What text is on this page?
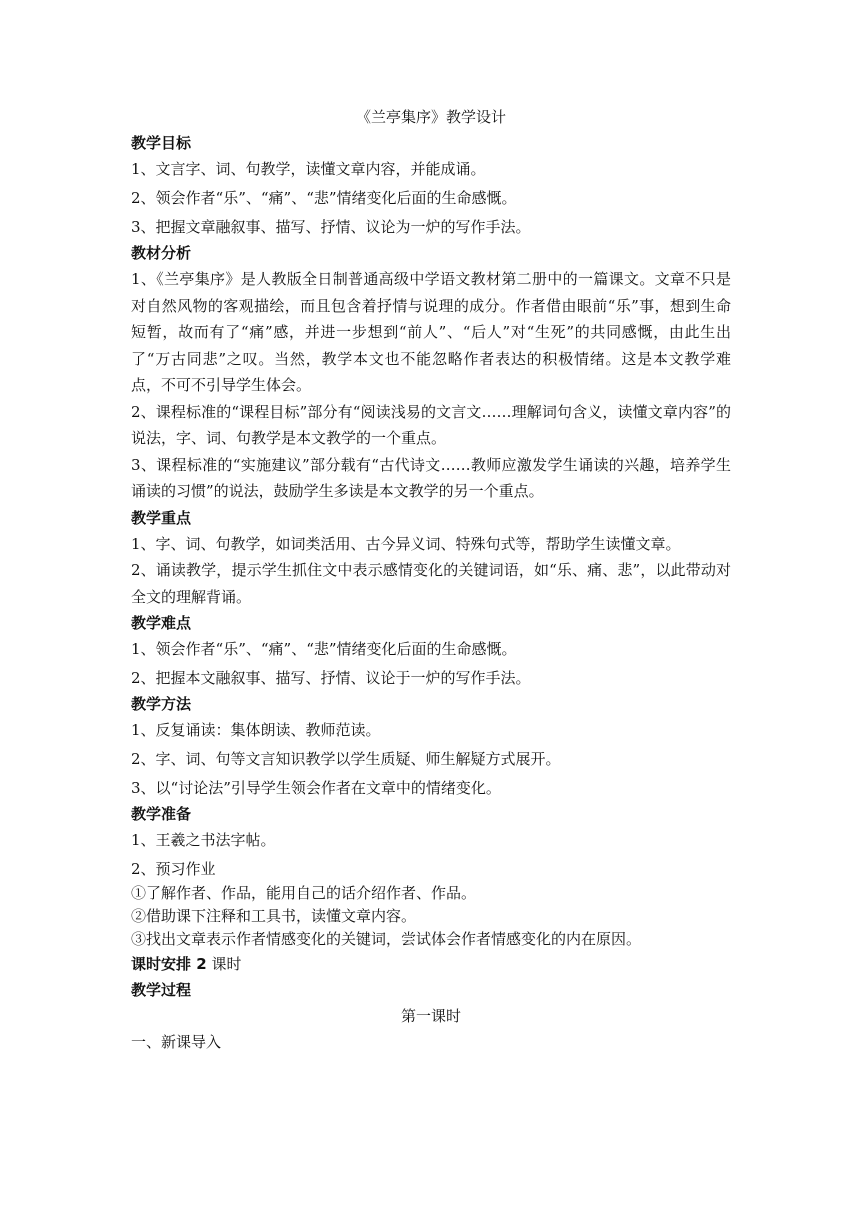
《兰亭集序》教学设计
教学目标
1、文言字、词、句教学，读懂文章内容，并能成诵。
2、领会作者“乐”、“痛”、“悲”情绪变化后面的生命感慨。
3、把握文章融叙事、描写、抒情、议论为一炉的写作手法。
教材分析
1、《兰亭集序》是人教版全日制普通高级中学语文教材第二册中的一篇课文。文章不只是对自然风物的客观描绘，而且包含着抒情与说理的成分。作者借由眼前“乐”事，想到生命短暂，故而有了“痛”感，并进一步想到“前人”、“后人”对“生死”的共同感慨，由此生出了“万古同悲”之叹。当然，教学本文也不能忽略作者表达的积极情绪。这是本文教学难点，不可不引导学生体会。
2、课程标准的“课程目标”部分有“阅读浅易的文言文……理解词句含义，读懂文章内容”的说法，字、词、句教学是本文教学的一个重点。
3、课程标准的“实施建议”部分载有“古代诗文……教师应激发学生诵读的兴趣，培养学生诵读的习惯”的说法，鼓励学生多读是本文教学的另一个重点。
教学重点
1、字、词、句教学，如词类活用、古今异义词、特殊句式等，帮助学生读懂文章。
2、诵读教学，提示学生抓住文中表示感情变化的关键词语，如“乐、痛、悲”，以此带动对全文的理解背诵。
教学难点
1、领会作者“乐”、“痛”、“悲”情绪变化后面的生命感慨。
2、把握本文融叙事、描写、抒情、议论于一炉的写作手法。
教学方法
1、反复诵读：集体朗读、教师范读。
2、字、词、句等文言知识教学以学生质疑、师生解疑方式展开。
3、以“讨论法”引导学生领会作者在文章中的情绪变化。
教学准备
1、王羲之书法字帖。
2、预习作业
①了解作者、作品，能用自己的话介绍作者、作品。
②借助课下注释和工具书，读懂文章内容。
③找出文章表示作者情感变化的关键词，尝试体会作者情感变化的内在原因。
课时安排 2 课时
教学过程
第一课时
一、新课导入
